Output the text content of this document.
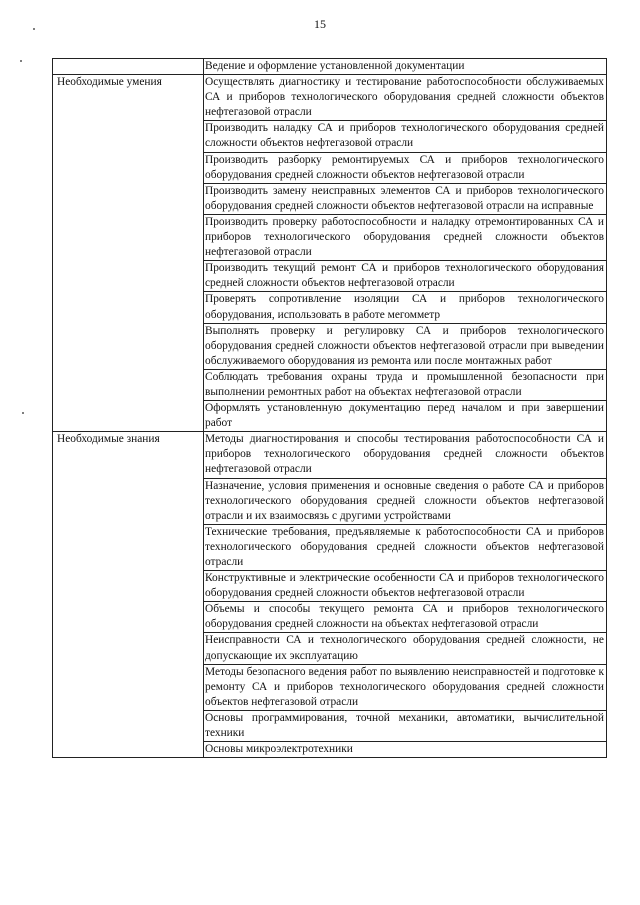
15
	Ведение и оформление установленной документации
Необходимые умения	Осуществлять диагностику и тестирование работоспособности обслуживаемых СА и приборов технологического оборудования средней сложности объектов нефтегазовой отрасли
	Производить наладку СА и приборов технологического оборудования средней сложности объектов нефтегазовой отрасли
	Производить разборку ремонтируемых СА и приборов технологического оборудования средней сложности объектов нефтегазовой отрасли
	Производить замену неисправных элементов СА и приборов технологического оборудования средней сложности объектов нефтегазовой отрасли на исправные
	Производить проверку работоспособности и наладку отремонтированных СА и приборов технологического оборудования средней сложности объектов нефтегазовой отрасли
	Производить текущий ремонт СА и приборов технологического оборудования средней сложности объектов нефтегазовой отрасли
	Проверять сопротивление изоляции СА и приборов технологического оборудования, использовать в работе мегомметр
	Выполнять проверку и регулировку СА и приборов технологического оборудования средней сложности объектов нефтегазовой отрасли при выведении обслуживаемого оборудования из ремонта или после монтажных работ
	Соблюдать требования охраны труда и промышленной безопасности при выполнении ремонтных работ на объектах нефтегазовой отрасли
	Оформлять установленную документацию перед началом и при завершении работ
Необходимые знания	Методы диагностирования и способы тестирования работоспособности СА и приборов технологического оборудования средней сложности объектов нефтегазовой отрасли
	Назначение, условия применения и основные сведения о работе СА и приборов технологического оборудования средней сложности объектов нефтегазовой отрасли и их взаимосвязь с другими устройствами
	Технические требования, предъявляемые к работоспособности СА и приборов технологического оборудования средней сложности объектов нефтегазовой отрасли
	Конструктивные и электрические особенности СА и приборов технологического оборудования средней сложности объектов нефтегазовой отрасли
	Объемы и способы текущего ремонта СА и приборов технологического оборудования средней сложности на объектах нефтегазовой отрасли
	Неисправности СА и технологического оборудования средней сложности, не допускающие их эксплуатацию
	Методы безопасного ведения работ по выявлению неисправностей и подготовке к ремонту СА и приборов технологического оборудования средней сложности объектов нефтегазовой отрасли
	Основы программирования, точной механики, автоматики, вычислительной техники
	Основы микроэлектротехники
